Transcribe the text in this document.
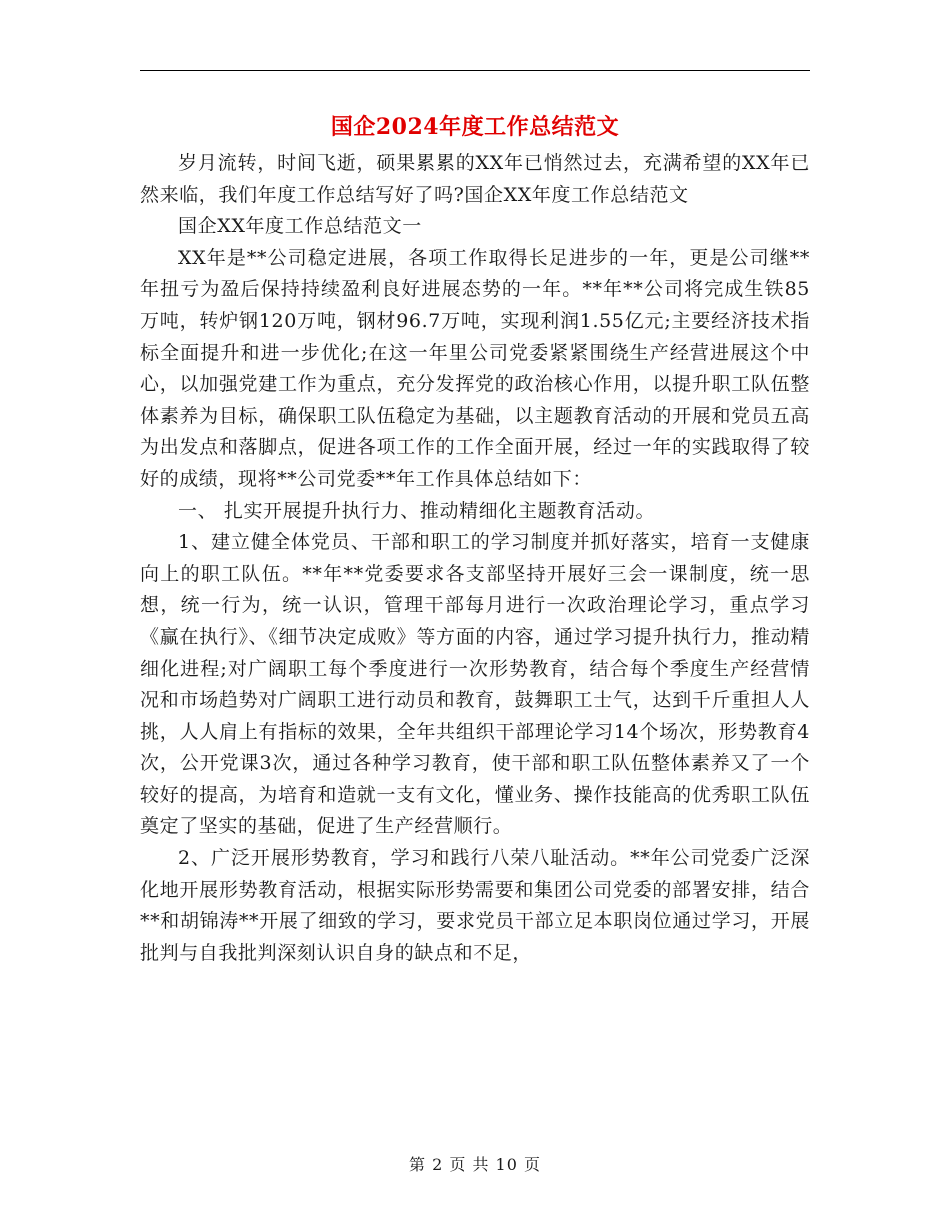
国企2024年度工作总结范文

岁月流转，时间飞逝，硕果累累的XX年已悄然过去，充满希望的XX年已然来临，我们年度工作总结写好了吗?国企XX年度工作总结范文

国企XX年度工作总结范文一

XX年是**公司稳定进展，各项工作取得长足进步的一年，更是公司继**年扭亏为盈后保持持续盈利良好进展态势的一年。**年**公司将完成生铁85万吨，转炉钢120万吨，钢材96.7万吨，实现利润1.55亿元;主要经济技术指标全面提升和进一步优化;在这一年里公司党委紧紧围绕生产经营进展这个中心，以加强党建工作为重点，充分发挥党的政治核心作用，以提升职工队伍整体素养为目标，确保职工队伍稳定为基础，以主题教育活动的开展和党员五高为出发点和落脚点，促进各项工作的工作全面开展，经过一年的实践取得了较好的成绩，现将**公司党委**年工作具体总结如下：

一、 扎实开展提升执行力、推动精细化主题教育活动。

1、建立健全体党员、干部和职工的学习制度并抓好落实，培育一支健康向上的职工队伍。**年**党委要求各支部坚持开展好三会一课制度，统一思想，统一行为，统一认识，管理干部每月进行一次政治理论学习，重点学习《赢在执行》、《细节决定成败》等方面的内容，通过学习提升执行力，推动精细化进程;对广阔职工每个季度进行一次形势教育，结合每个季度生产经营情况和市场趋势对广阔职工进行动员和教育，鼓舞职工士气，达到千斤重担人人挑，人人肩上有指标的效果，全年共组织干部理论学习14个场次，形势教育4次，公开党课3次，通过各种学习教育，使干部和职工队伍整体素养又了一个较好的提高，为培育和造就一支有文化，懂业务、操作技能高的优秀职工队伍奠定了坚实的基础，促进了生产经营顺行。

2、广泛开展形势教育，学习和践行八荣八耻活动。**年公司党委广泛深化地开展形势教育活动，根据实际形势需要和集团公司党委的部署安排，结合 **和胡锦涛**开展了细致的学习，要求党员干部立足本职岗位通过学习，开展批判与自我批判深刻认识自身的缺点和不足，

第 2 页 共 10 页
